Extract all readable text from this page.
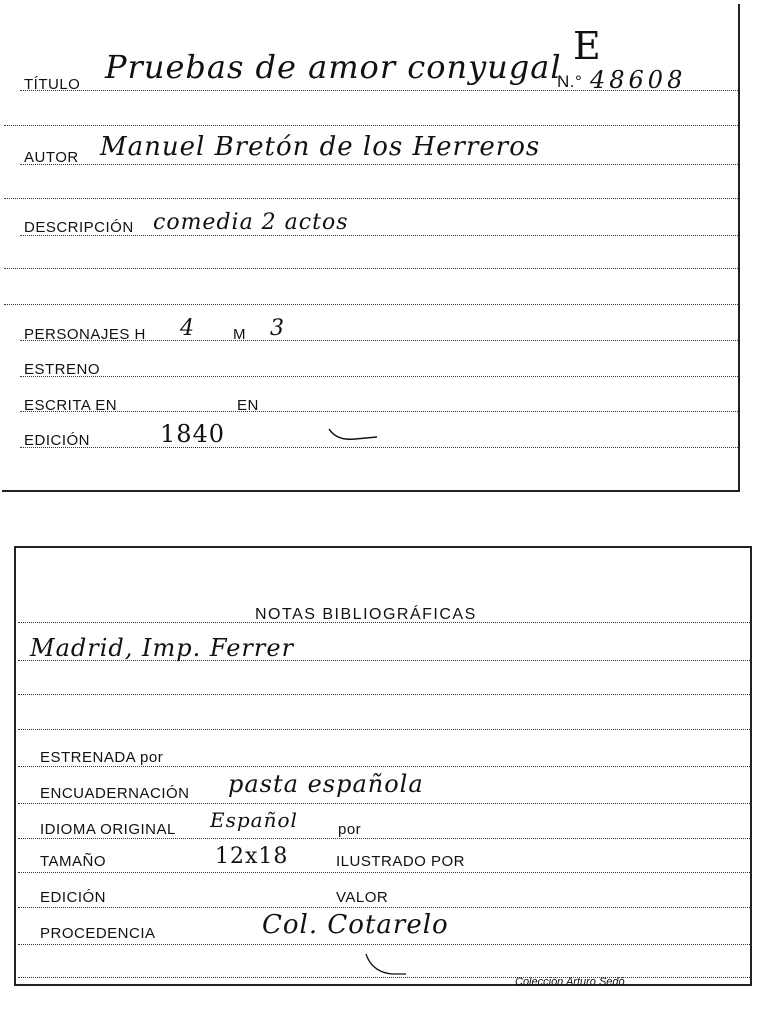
TÍTULO Pruebas de amor conyugal
N.° 48608
E
AUTOR Manuel Bretón de los Herreros
DESCRIPCIÓN comedia 2 actos
PERSONAJES H 4	M 3
ESTRENO
ESCRITA EN	EN
EDICIÓN	1840
NOTAS BIBLIOGRÁFICAS
Madrid, Imp. Ferrer
ESTRENADA por
ENCUADERNACIÓN pasta española
IDIOMA ORIGINAL Español	por
TAMAÑO	12x18	ILUSTRADO POR
EDICIÓN	VALOR
PROCEDENCIA	Col. Cotarelo
Colección Arturo Sedó
